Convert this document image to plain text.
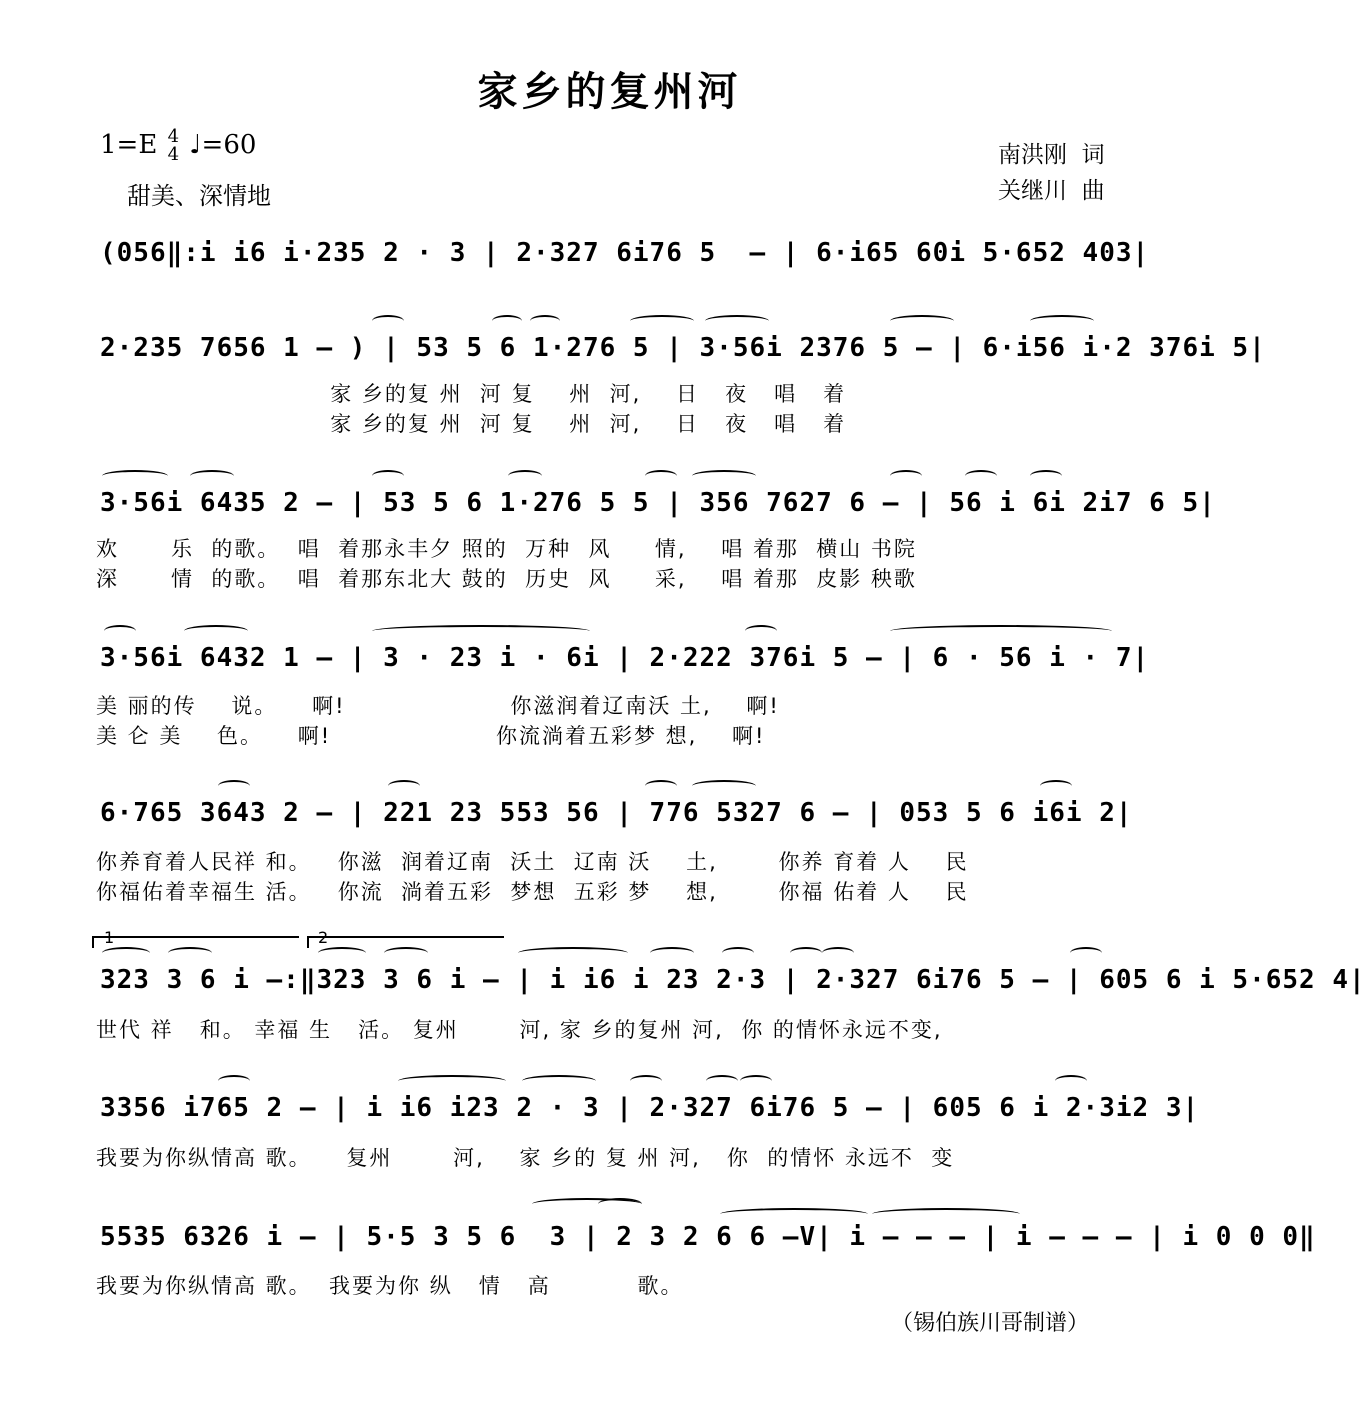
家乡的复州河
1=E 4
4 ♩=60
甜美、深情地
南洪刚  词
关继川  曲
(056‖:i i6 i·235 2 · 3 | 2·327 6i76 5  — | 6·i65 60i 5·652 403|
2·235 7656 1 — ) | 53 5 6 1·276 5 | 3·56i 2376 5 — | 6·i56 i·2 376i 5|
家 乡的复 州  河 复    州  河,    日   夜   唱   着
家 乡的复 州  河 复    州  河,    日   夜   唱   着
3·56i 6435 2 — | 53 5 6 1·276 5 5 | 356 7627 6 — | 56 i 6i 2i7 6 5|
欢      乐  的歌。  唱  着那永丰夕 照的  万种  风     情,    唱 着那  横山 书院
深      情  的歌。  唱  着那东北大 鼓的  历史  风     采,    唱 着那  皮影 秧歌
3·56i 6432 1 — | 3 · 23 i · 6i | 2·222 376i 5 — | 6 · 56 i · 7|
美 丽的传    说。    啊!                   你滋润着辽南沃 土,    啊!
美 仑 美    色。    啊!                   你流淌着五彩梦 想,    啊!
6·765 3643 2 — | 221 23 553 56 | 776 5327 6 — | 053 5 6 i6i 2|
你养育着人民祥 和。   你滋  润着辽南  沃土  辽南 沃    土,       你养 育着 人    民
你福佑着幸福生 活。   你流  淌着五彩  梦想  五彩 梦    想,       你福 佑着 人    民
1	2
323 3 6 i —:‖323 3 6 i — | i i6 i 23 2·3 | 2·327 6i76 5 — | 605 6 i 5·652 4|
世代 祥   和。 幸福 生   活。 复州       河, 家 乡的复州 河,  你 的情怀永远不变,
3356 i765 2 — | i i6 i23 2 · 3 | 2·327 6i76 5 — | 605 6 i 2·3i2 3|
我要为你纵情高 歌。    复州       河,    家 乡的 复 州 河,   你  的情怀 永远不  变
5535 6326 i — | 5·5 3 5 6  3 | 2 3 2 6 6 —V| i — — — | i — — — | i 0 0 0‖
我要为你纵情高 歌。  我要为你 纵   情   高          歌。
（锡伯族川哥制谱）
